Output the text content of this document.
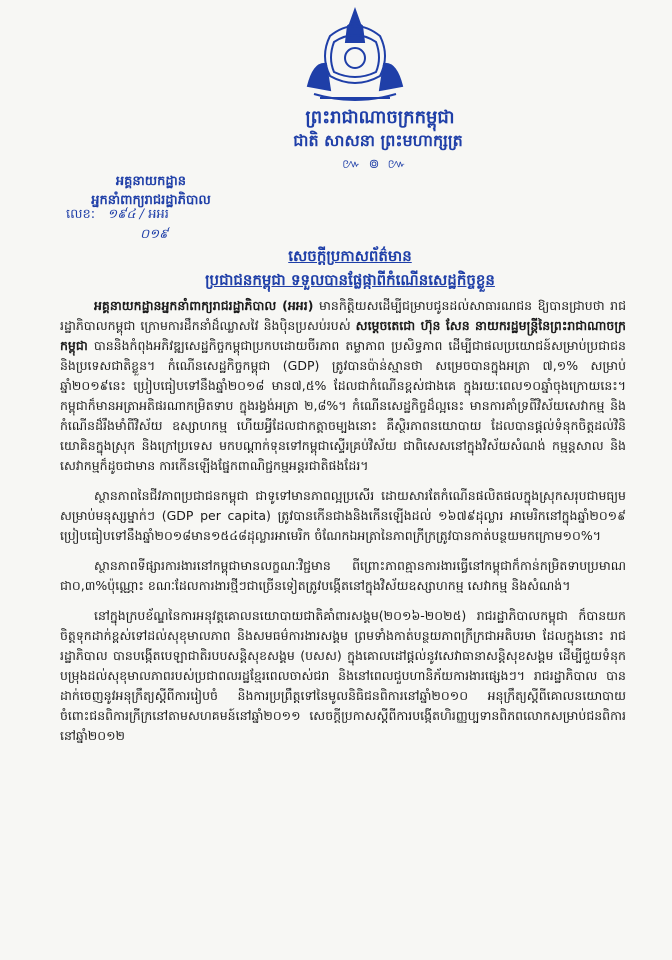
ព្រះរាជាណាចក្រកម្ពុជា
ជាតិ សាសនា ព្រះមហាក្សត្រ
៚ ៙ ៚
អគ្គនាយកដ្ឋាន
អ្នកនាំពាក្យរាជរដ្ឋាភិបាល
លេខ: ១៩៤ / អអរ
០១៩
សេចក្តីប្រកាសព័ត៌មាន
ប្រជាជនកម្ពុជា ទទួលបានផ្លែផ្កាពីកំណើនសេដ្ឋកិច្ចខ្លួន

អគ្គនាយកដ្ឋានអ្នកនាំពាក្យរាជរដ្ឋាភិបាល (អអរ) មានកិត្តិយសដើម្បីជម្រាបជូនដល់សាធារណជន ឱ្យបានជ្រាបថា រាជរដ្ឋាភិបាលកម្ពុជា ក្រោមការដឹកនាំដ៏ឈ្លាសវៃ និងប៉ិនប្រសប់របស់ សម្តេចតេជោ ហ៊ុន សែន នាយករដ្ឋមន្ត្រីនៃព្រះរាជាណាចក្រកម្ពុជា បាននិងកំពុងអភិវឌ្ឍសេដ្ឋកិច្ចកម្ពុជាប្រកបដោយចីរភាព តម្លាភាព ប្រសិទ្ធភាព ដើម្បីជាផលប្រយោជន៍សម្រាប់ប្រជាជន និងប្រទេសជាតិខ្លួន។ កំណើនសេដ្ឋកិច្ចកម្ពុជា (GDP) ត្រូវបានប៉ាន់ស្មានថា សម្រេចបានក្នុងអត្រា ៧,១% សម្រាប់ឆ្នាំ២០១៩នេះ ប្រៀបធៀបទៅនឹងឆ្នាំ២០១៨ មាន៧,៥% ដែលជាកំណើនខ្ពស់ជាងគេ ក្នុងរយៈពេល១០ឆ្នាំចុងក្រោយនេះ។ កម្ពុជាក៏មានអត្រាអតិផរណាកម្រិតទាប ក្នុងរង្វង់អត្រា ២,៨%។ កំណើនសេដ្ឋកិច្ចដ៏ល្អនេះ មានការគាំទ្រពីវិស័យសេវាកម្ម និងកំណើនដ៏រឹងមាំពីវិស័យ ឧស្សាហកម្ម ហើយអ្វីដែលជាកត្តាចម្បងនោះ គឺស្ថិរភាពនយោបាយ ដែលបានផ្តល់ទំនុកចិត្តដល់វិនិយោគិនក្នុងស្រុក និងក្រៅប្រទេស មកបណ្តាក់ទុនទៅកម្ពុជាស្ទើរគ្រប់វិស័យ ជាពិសេសនៅក្នុងវិស័យសំណង់ កម្មន្តសាល និង សេវាកម្មក៏ដូចជាមាន ការកើនឡើងផ្នែកពាណិជ្ជកម្មអន្តរជាតិផងដែរ។

ស្ថានភាពនៃជីវភាពប្រជាជនកម្ពុជា ជាទូទៅមានភាពល្អប្រសើរ ដោយសារតែកំណើនផលិតផលក្នុងស្រុកសរុបជាមធ្យមសម្រាប់មនុស្សម្នាក់ៗ (GDP per capita) ត្រូវបានកើនជាងនិងកើនឡើងដល់ ១៦៧៩ដុល្លារ អាមេរិកនៅក្នុងឆ្នាំ២០១៩ ប្រៀបធៀបទៅនឹងឆ្នាំ២០១៨មាន១៥៤៨ដុល្លារអាមេរិក ចំណែកឯអត្រានៃភាពក្រីក្រត្រូវបានកាត់បន្ថយមកក្រោម១០%។

ស្ថានភាពទីផ្សារការងារនៅកម្ពុជាមានលក្ខណៈវិជ្ជមាន ពីព្រោះភាពគ្មានការងារធ្វើនៅកម្ពុជាក៏កាន់កម្រិតទាបប្រមាណជា០,៣%ប៉ុណ្ណោះ ខណៈដែលការងារថ្មីៗជាច្រើនទៀតត្រូវបង្កើតនៅក្នុងវិស័យឧស្សាហកម្ម សេវាកម្ម និងសំណង់។

នៅក្នុងក្របខ័ណ្ឌនៃការអនុវត្តគោលនយោបាយជាតិគាំពារសង្គម(២០១៦-២០២៥) រាជរដ្ឋាភិបាលកម្ពុជា ក៏បានយកចិត្តទុកដាក់ខ្ពស់ទៅដល់សុខុមាលភាព និងសមធម៌ការងារសង្គម ព្រមទាំងកាត់បន្ថយភាពក្រីក្រជាអតិបរមា ដែលក្នុងនោះ រាជរដ្ឋាភិបាល បានបង្កើតបេឡាជាតិរបបសន្តិសុខសង្គម (បសស) ក្នុងគោលដៅផ្តល់នូវសេវាធានាសន្តិសុខសង្គម ដើម្បីជួយទំនុកបម្រុងដល់សុខុមាលភាពរបស់ប្រជាពលរដ្ឋខ្មែរពេលចាស់ជរា និងនៅពេលជួបហានិភ័យការងារផ្សេងៗ។ រាជរដ្ឋាភិបាល បានដាក់ចេញនូវអនុក្រឹត្យស្តីពីការរៀបចំ និងការប្រព្រឹត្តទៅនៃមូលនិធិជនពិការនៅឆ្នាំ២០១០ អនុក្រឹត្យស្តីពីគោលនយោបាយចំពោះជនពិការក្រីក្រនៅតាមសហគមន៍នៅឆ្នាំ២០១១ សេចក្តីប្រកាសស្តីពីការបង្កើតហិរញ្ញប្បទានពិភពលោកសម្រាប់ជនពិការនៅឆ្នាំ២០១២
